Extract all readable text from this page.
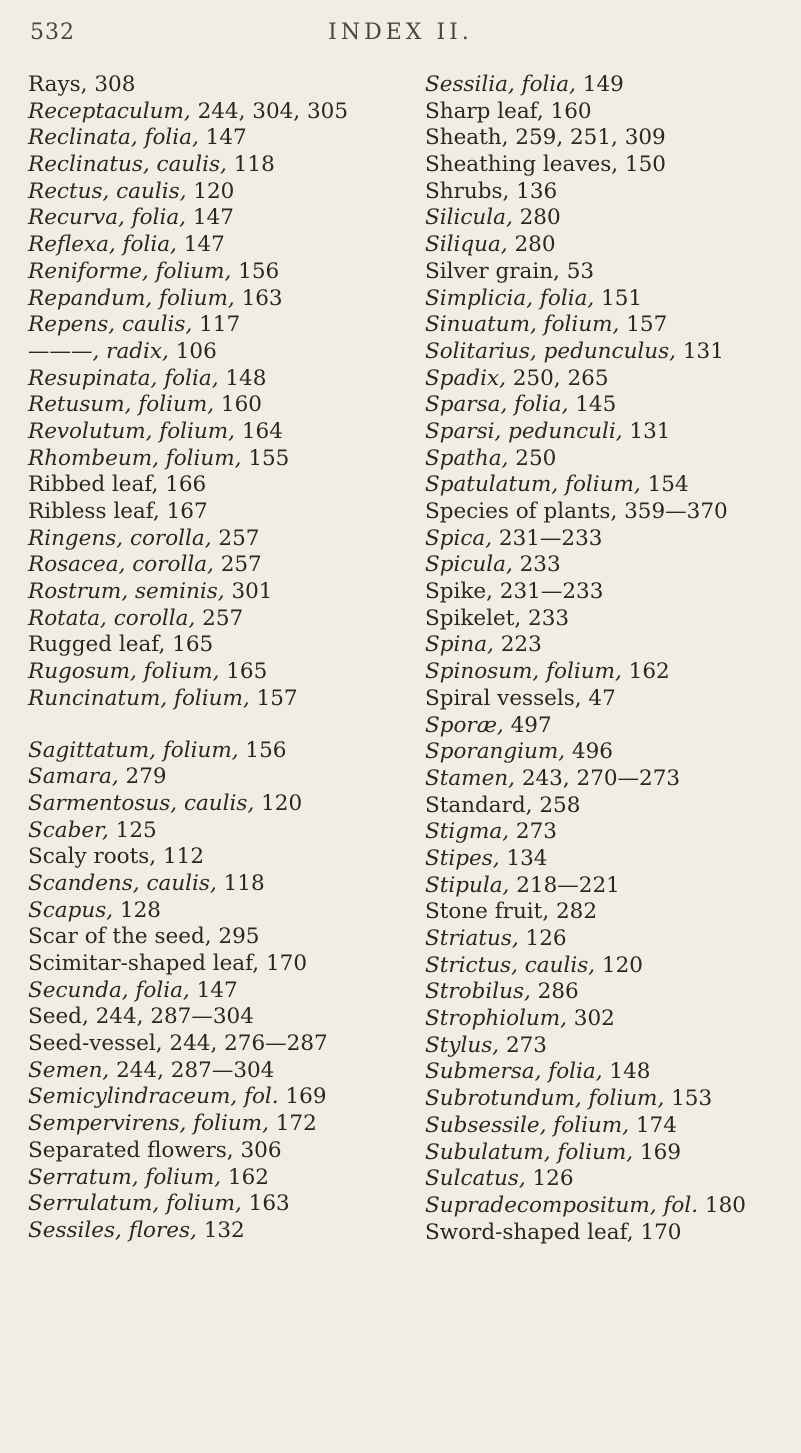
532	INDEX II.
Rays, 308
Receptaculum, 244, 304, 305
Reclinata, folia, 147
Reclinatus, caulis, 118
Rectus, caulis, 120
Recurva, folia, 147
Reflexa, folia, 147
Reniforme, folium, 156
Repandum, folium, 163
Repens, caulis, 117
———, radix, 106
Resupinata, folia, 148
Retusum, folium, 160
Revolutum, folium, 164
Rhombeum, folium, 155
Ribbed leaf, 166
Ribless leaf, 167
Ringens, corolla, 257
Rosacea, corolla, 257
Rostrum, seminis, 301
Rotata, corolla, 257
Rugged leaf, 165
Rugosum, folium, 165
Runcinatum, folium, 157
Sagittatum, folium, 156
Samara, 279
Sarmentosus, caulis, 120
Scaber, 125
Scaly roots, 112
Scandens, caulis, 118
Scapus, 128
Scar of the seed, 295
Scimitar-shaped leaf, 170
Secunda, folia, 147
Seed, 244, 287—304
Seed-vessel, 244, 276—287
Semen, 244, 287—304
Semicylindraceum, fol. 169
Sempervirens, folium, 172
Separated flowers, 306
Serratum, folium, 162
Serrulatum, folium, 163
Sessiles, flores, 132
Sessilia, folia, 149
Sharp leaf, 160
Sheath, 259, 251, 309
Sheathing leaves, 150
Shrubs, 136
Silicula, 280
Siliqua, 280
Silver grain, 53
Simplicia, folia, 151
Sinuatum, folium, 157
Solitarius, pedunculus, 131
Spadix, 250, 265
Sparsa, folia, 145
Sparsi, pedunculi, 131
Spatha, 250
Spatulatum, folium, 154
Species of plants, 359—370
Spica, 231—233
Spicula, 233
Spike, 231—233
Spikelet, 233
Spina, 223
Spinosum, folium, 162
Spiral vessels, 47
Sporæ, 497
Sporangium, 496
Stamen, 243, 270—273
Standard, 258
Stigma, 273
Stipes, 134
Stipula, 218—221
Stone fruit, 282
Striatus, 126
Strictus, caulis, 120
Strobilus, 286
Strophiolum, 302
Stylus, 273
Submersa, folia, 148
Subrotundum, folium, 153
Subsessile, folium, 174
Subulatum, folium, 169
Sulcatus, 126
Supradecompositum, fol. 180
Sword-shaped leaf, 170
